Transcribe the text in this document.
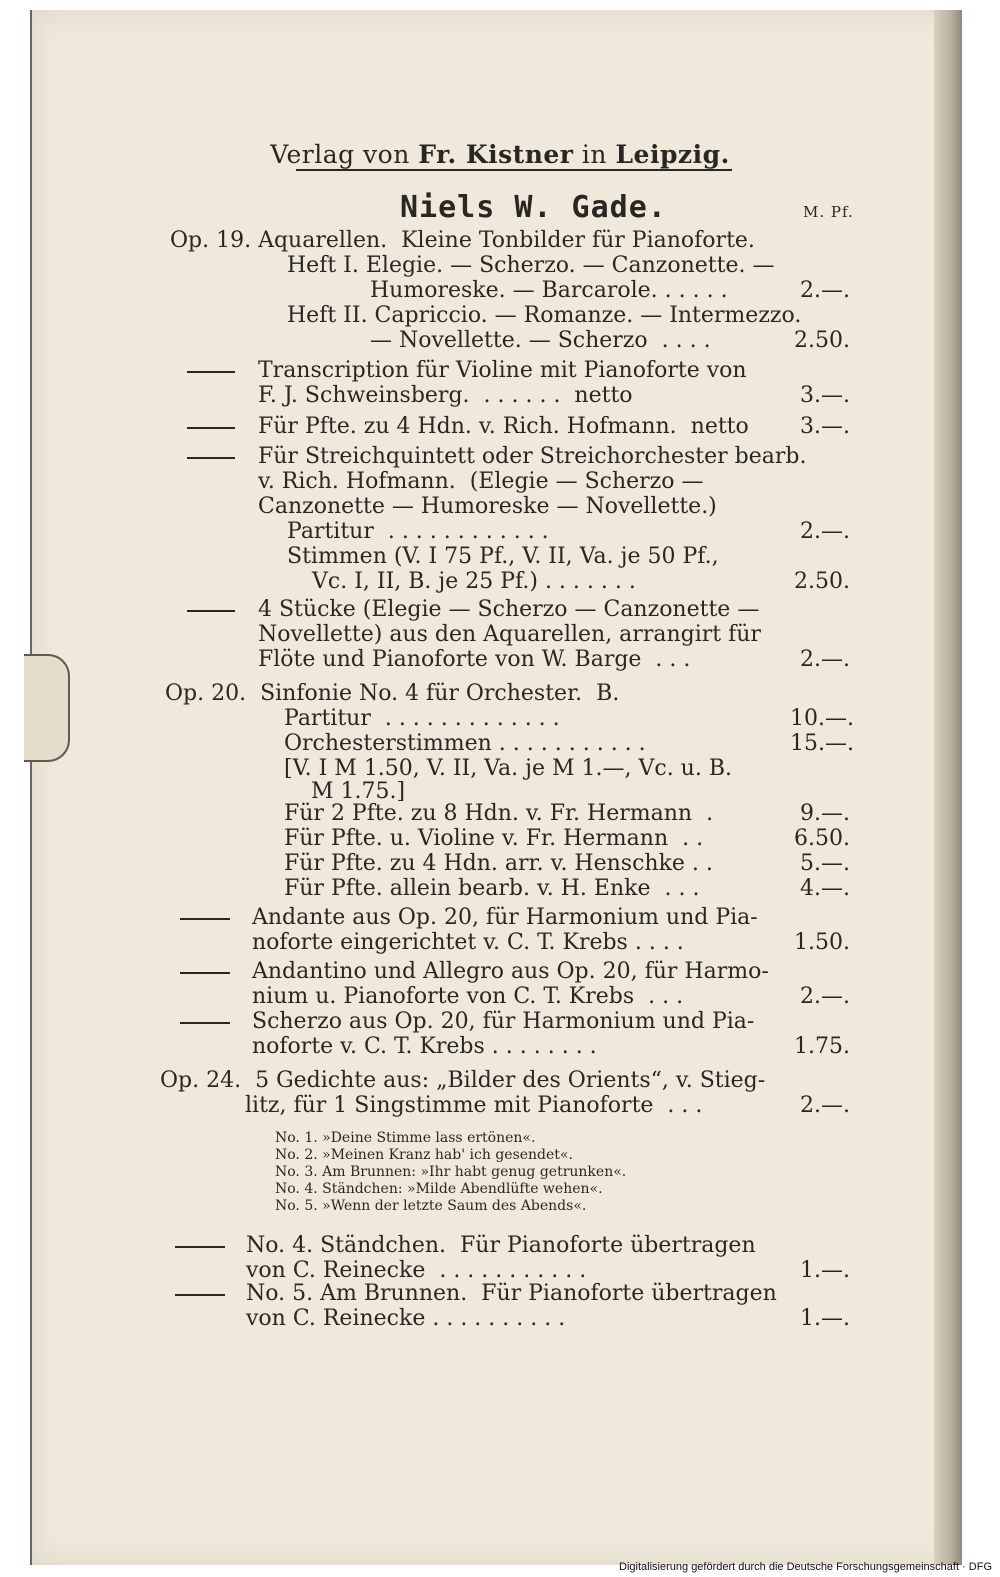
Verlag von Fr. Kistner in Leipzig.
Niels W. Gade.	M. Pf.
Op. 19. Aquarellen.  Kleine Tonbilder für Pianoforte.
Heft I. Elegie. — Scherzo. — Canzonette. —
Humoreske. — Barcarole. . . . . .
Heft II. Capriccio. — Romanze. — Intermezzo.
— Novellette. — Scherzo  . . . .
Transcription für Violine mit Pianoforte von
F. J. Schweinsberg.  . . . . . .  netto
Für Pfte. zu 4 Hdn. v. Rich. Hofmann.  netto
Für Streichquintett oder Streichorchester bearb.
v. Rich. Hofmann.  (Elegie — Scherzo —
Canzonette — Humoreske — Novellette.)
Partitur  . . . . . . . . . . . .
Stimmen (V. I 75 Pf., V. II, Va. je 50 Pf.,
Vc. I, II, B. je 25 Pf.) . . . . . . .
4 Stücke (Elegie — Scherzo — Canzonette —
Novellette) aus den Aquarellen, arrangirt für
Flöte und Pianoforte von W. Barge  . . .
Op. 20.  Sinfonie No. 4 für Orchester.  B.
Partitur  . . . . . . . . . . . . .
Orchesterstimmen . . . . . . . . . . .
[V. I M 1.50, V. II, Va. je M 1.—, Vc. u. B.
M 1.75.]
Für 2 Pfte. zu 8 Hdn. v. Fr. Hermann  .
Für Pfte. u. Violine v. Fr. Hermann  . .
Für Pfte. zu 4 Hdn. arr. v. Henschke . .
Für Pfte. allein bearb. v. H. Enke  . . .
Andante aus Op. 20, für Harmonium und Pia-
noforte eingerichtet v. C. T. Krebs . . . .
Andantino und Allegro aus Op. 20, für Harmo-
nium u. Pianoforte von C. T. Krebs  . . .
Scherzo aus Op. 20, für Harmonium und Pia-
noforte v. C. T. Krebs . . . . . . . .
Op. 24.  5 Gedichte aus: „Bilder des Orients“, v. Stieg-
litz, für 1 Singstimme mit Pianoforte  . . .
No. 1. »Deine Stimme lass ertönen«.
No. 2. »Meinen Kranz hab' ich gesendet«.
No. 3. Am Brunnen: »Ihr habt genug getrunken«.
No. 4. Ständchen: »Milde Abendlüfte wehen«.
No. 5. »Wenn der letzte Saum des Abends«.
No. 4. Ständchen.  Für Pianoforte übertragen
von C. Reinecke  . . . . . . . . . . .
No. 5. Am Brunnen.  Für Pianoforte übertragen
von C. Reinecke . . . . . . . . . .
2.—.
2.50.
3.—.
3.—.
2.—.
2.50.
2.—.
10.—.
15.—.
9.—.
6.50.
5.—.
4.—.
1.50.
2.—.
1.75.
2.—.
1.—.
1.—.
Digitalisierung gefördert durch die Deutsche Forschungsgemeinschaft · DFG
